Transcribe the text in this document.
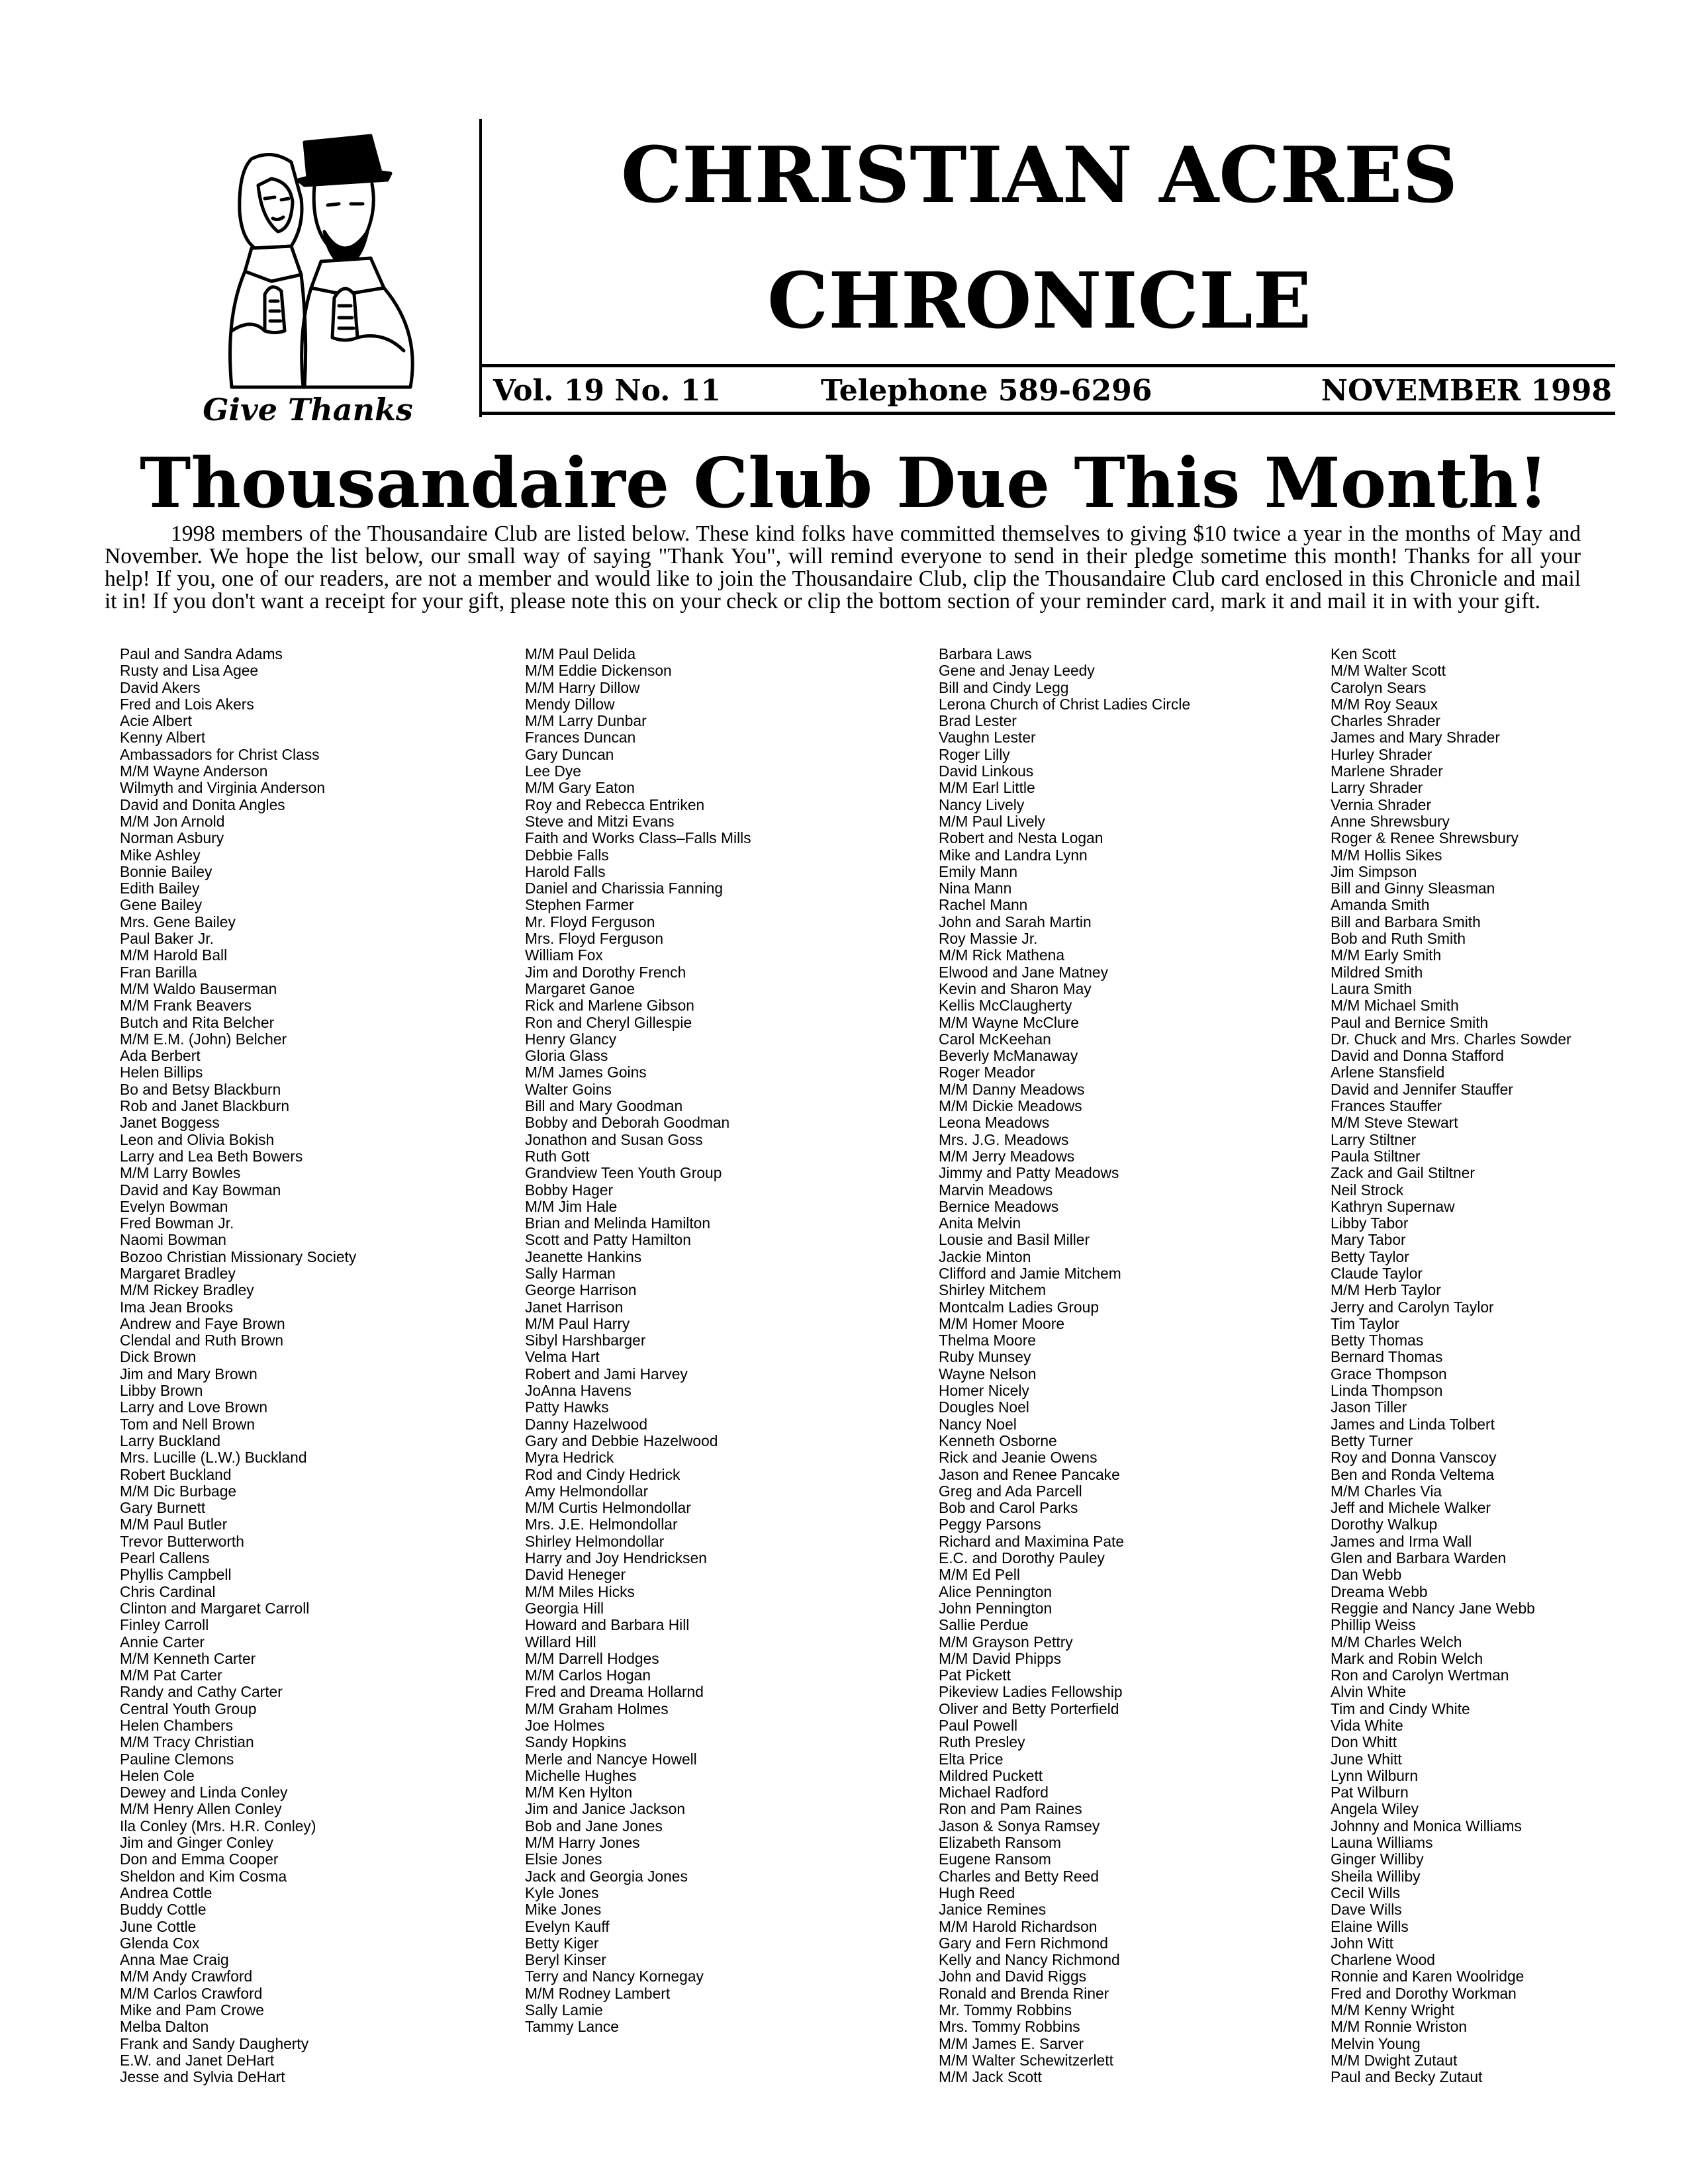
Give Thanks
CHRISTIAN ACRES
CHRONICLE
Vol. 19 No. 11	Telephone 589-6296	NOVEMBER 1998
Thousandaire Club Due This Month!

1998 members of the Thousandaire Club are listed below. These kind folks have committed themselves to giving $10 twice a year in the months of May and November. We hope the list below, our small way of saying "Thank You", will remind everyone to send in their pledge sometime this month! Thanks for all your help! If you, one of our readers, are not a member and would like to join the Thousandaire Club, clip the Thousandaire Club card enclosed in this Chronicle and mail it in! If you don't want a receipt for your gift, please note this on your check or clip the bottom section of your reminder card, mark it and mail it in with your gift.

Paul and Sandra Adams
Rusty and Lisa Agee
David Akers
Fred and Lois Akers
Acie Albert
Kenny Albert
Ambassadors for Christ Class
M/M Wayne Anderson
Wilmyth and Virginia Anderson
David and Donita Angles
M/M Jon Arnold
Norman Asbury
Mike Ashley
Bonnie Bailey
Edith Bailey
Gene Bailey
Mrs. Gene Bailey
Paul Baker Jr.
M/M Harold Ball
Fran Barilla
M/M Waldo Bauserman
M/M Frank Beavers
Butch and Rita Belcher
M/M E.M. (John) Belcher
Ada Berbert
Helen Billips
Bo and Betsy Blackburn
Rob and Janet Blackburn
Janet Boggess
Leon and Olivia Bokish
Larry and Lea Beth Bowers
M/M Larry Bowles
David and Kay Bowman
Evelyn Bowman
Fred Bowman Jr.
Naomi Bowman
Bozoo Christian Missionary Society
Margaret Bradley
M/M Rickey Bradley
Ima Jean Brooks
Andrew and Faye Brown
Clendal and Ruth Brown
Dick Brown
Jim and Mary Brown
Libby Brown
Larry and Love Brown
Tom and Nell Brown
Larry Buckland
Mrs. Lucille (L.W.) Buckland
Robert Buckland
M/M Dic Burbage
Gary Burnett
M/M Paul Butler
Trevor Butterworth
Pearl Callens
Phyllis Campbell
Chris Cardinal
Clinton and Margaret Carroll
Finley Carroll
Annie Carter
M/M Kenneth Carter
M/M Pat Carter
Randy and Cathy Carter
Central Youth Group
Helen Chambers
M/M Tracy Christian
Pauline Clemons
Helen Cole
Dewey and Linda Conley
M/M Henry Allen Conley
Ila Conley (Mrs. H.R. Conley)
Jim and Ginger Conley
Don and Emma Cooper
Sheldon and Kim Cosma
Andrea Cottle
Buddy Cottle
June Cottle
Glenda Cox
Anna Mae Craig
M/M Andy Crawford
M/M Carlos Crawford
Mike and Pam Crowe
Melba Dalton
Frank and Sandy Daugherty
E.W. and Janet DeHart
Jesse and Sylvia DeHart
M/M Paul Delida
M/M Eddie Dickenson
M/M Harry Dillow
Mendy Dillow
M/M Larry Dunbar
Frances Duncan
Gary Duncan
Lee Dye
M/M Gary Eaton
Roy and Rebecca Entriken
Steve and Mitzi Evans
Faith and Works Class–Falls Mills
Debbie Falls
Harold Falls
Daniel and Charissia Fanning
Stephen Farmer
Mr. Floyd Ferguson
Mrs. Floyd Ferguson
William Fox
Jim and Dorothy French
Margaret Ganoe
Rick and Marlene Gibson
Ron and Cheryl Gillespie
Henry Glancy
Gloria Glass
M/M James Goins
Walter Goins
Bill and Mary Goodman
Bobby and Deborah Goodman
Jonathon and Susan Goss
Ruth Gott
Grandview Teen Youth Group
Bobby Hager
M/M Jim Hale
Brian and Melinda Hamilton
Scott and Patty Hamilton
Jeanette Hankins
Sally Harman
George Harrison
Janet Harrison
M/M Paul Harry
Sibyl Harshbarger
Velma Hart
Robert and Jami Harvey
JoAnna Havens
Patty Hawks
Danny Hazelwood
Gary and Debbie Hazelwood
Myra Hedrick
Rod and Cindy Hedrick
Amy Helmondollar
M/M Curtis Helmondollar
Mrs. J.E. Helmondollar
Shirley Helmondollar
Harry and Joy Hendricksen
David Heneger
M/M Miles Hicks
Georgia Hill
Howard and Barbara Hill
Willard Hill
M/M Darrell Hodges
M/M Carlos Hogan
Fred and Dreama Hollarnd
M/M Graham Holmes
Joe Holmes
Sandy Hopkins
Merle and Nancye Howell
Michelle Hughes
M/M Ken Hylton
Jim and Janice Jackson
Bob and Jane Jones
M/M Harry Jones
Elsie Jones
Jack and Georgia Jones
Kyle Jones
Mike Jones
Evelyn Kauff
Betty Kiger
Beryl Kinser
Terry and Nancy Kornegay
M/M Rodney Lambert
Sally Lamie
Tammy Lance
Barbara Laws
Gene and Jenay Leedy
Bill and Cindy Legg
Lerona Church of Christ Ladies Circle
Brad Lester
Vaughn Lester
Roger Lilly
David Linkous
M/M Earl Little
Nancy Lively
M/M Paul Lively
Robert and Nesta Logan
Mike and Landra Lynn
Emily Mann
Nina Mann
Rachel Mann
John and Sarah Martin
Roy Massie Jr.
M/M Rick Mathena
Elwood and Jane Matney
Kevin and Sharon May
Kellis McClaugherty
M/M Wayne McClure
Carol McKeehan
Beverly McManaway
Roger Meador
M/M Danny Meadows
M/M Dickie Meadows
Leona Meadows
Mrs. J.G. Meadows
M/M Jerry Meadows
Jimmy and Patty Meadows
Marvin Meadows
Bernice Meadows
Anita Melvin
Lousie and Basil Miller
Jackie Minton
Clifford and Jamie Mitchem
Shirley Mitchem
Montcalm Ladies Group
M/M Homer Moore
Thelma Moore
Ruby Munsey
Wayne Nelson
Homer Nicely
Dougles Noel
Nancy Noel
Kenneth Osborne
Rick and Jeanie Owens
Jason and Renee Pancake
Greg and Ada Parcell
Bob and Carol Parks
Peggy Parsons
Richard and Maximina Pate
E.C. and Dorothy Pauley
M/M Ed Pell
Alice Pennington
John Pennington
Sallie Perdue
M/M Grayson Pettry
M/M David Phipps
Pat Pickett
Pikeview Ladies Fellowship
Oliver and Betty Porterfield
Paul Powell
Ruth Presley
Elta Price
Mildred Puckett
Michael Radford
Ron and Pam Raines
Jason & Sonya Ramsey
Elizabeth Ransom
Eugene Ransom
Charles and Betty Reed
Hugh Reed
Janice Remines
M/M Harold Richardson
Gary and Fern Richmond
Kelly and Nancy Richmond
John and David Riggs
Ronald and Brenda Riner
Mr. Tommy Robbins
Mrs. Tommy Robbins
M/M James E. Sarver
M/M Walter Schewitzerlett
M/M Jack Scott
Ken Scott
M/M Walter Scott
Carolyn Sears
M/M Roy Seaux
Charles Shrader
James and Mary Shrader
Hurley Shrader
Marlene Shrader
Larry Shrader
Vernia Shrader
Anne Shrewsbury
Roger & Renee Shrewsbury
M/M Hollis Sikes
Jim Simpson
Bill and Ginny Sleasman
Amanda Smith
Bill and Barbara Smith
Bob and Ruth Smith
M/M Early Smith
Mildred Smith
Laura Smith
M/M Michael Smith
Paul and Bernice Smith
Dr. Chuck and Mrs. Charles Sowder
David and Donna Stafford
Arlene Stansfield
David and Jennifer Stauffer
Frances Stauffer
M/M Steve Stewart
Larry Stiltner
Paula Stiltner
Zack and Gail Stiltner
Neil Strock
Kathryn Supernaw
Libby Tabor
Mary Tabor
Betty Taylor
Claude Taylor
M/M Herb Taylor
Jerry and Carolyn Taylor
Tim Taylor
Betty Thomas
Bernard Thomas
Grace Thompson
Linda Thompson
Jason Tiller
James and Linda Tolbert
Betty Turner
Roy and Donna Vanscoy
Ben and Ronda Veltema
M/M Charles Via
Jeff and Michele Walker
Dorothy Walkup
James and Irma Wall
Glen and Barbara Warden
Dan Webb
Dreama Webb
Reggie and Nancy Jane Webb
Phillip Weiss
M/M Charles Welch
Mark and Robin Welch
Ron and Carolyn Wertman
Alvin White
Tim and Cindy White
Vida White
Don Whitt
June Whitt
Lynn Wilburn
Pat Wilburn
Angela Wiley
Johnny and Monica Williams
Launa Williams
Ginger Williby
Sheila Williby
Cecil Wills
Dave Wills
Elaine Wills
John Witt
Charlene Wood
Ronnie and Karen Woolridge
Fred and Dorothy Workman
M/M Kenny Wright
M/M Ronnie Wriston
Melvin Young
M/M Dwight Zutaut
Paul and Becky Zutaut
